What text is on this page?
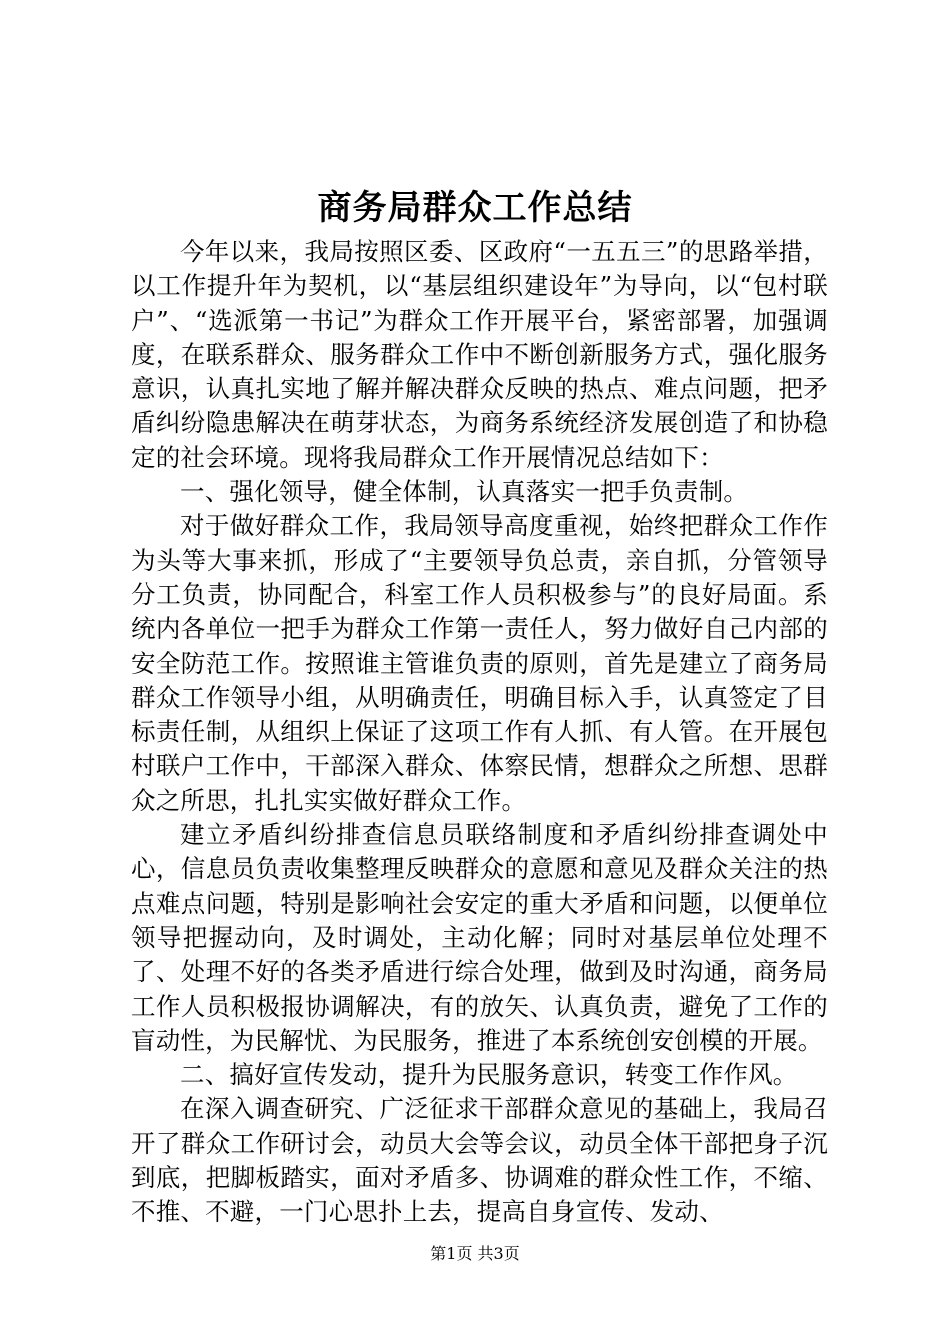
商务局群众工作总结

今年以来，我局按照区委、区政府“一五五三”的思路举措，以工作提升年为契机，以“基层组织建设年”为导向，以“包村联户”、“选派第一书记”为群众工作开展平台，紧密部署，加强调度，在联系群众、服务群众工作中不断创新服务方式，强化服务意识，认真扎实地了解并解决群众反映的热点、难点问题，把矛盾纠纷隐患解决在萌芽状态，为商务系统经济发展创造了和协稳定的社会环境。现将我局群众工作开展情况总结如下：

一、强化领导，健全体制，认真落实一把手负责制。

对于做好群众工作，我局领导高度重视，始终把群众工作作为头等大事来抓，形成了“主要领导负总责，亲自抓，分管领导分工负责，协同配合，科室工作人员积极参与”的良好局面。系统内各单位一把手为群众工作第一责任人，努力做好自己内部的安全防范工作。按照谁主管谁负责的原则，首先是建立了商务局群众工作领导小组，从明确责任，明确目标入手，认真签定了目标责任制，从组织上保证了这项工作有人抓、有人管。在开展包村联户工作中，干部深入群众、体察民情，想群众之所想、思群众之所思，扎扎实实做好群众工作。

建立矛盾纠纷排查信息员联络制度和矛盾纠纷排查调处中心，信息员负责收集整理反映群众的意愿和意见及群众关注的热点难点问题，特别是影响社会安定的重大矛盾和问题，以便单位领导把握动向，及时调处，主动化解；同时对基层单位处理不了、处理不好的各类矛盾进行综合处理，做到及时沟通，商务局工作人员积极报协调解决，有的放矢、认真负责，避免了工作的盲动性，为民解忧、为民服务，推进了本系统创安创模的开展。

二、搞好宣传发动，提升为民服务意识，转变工作作风。

在深入调查研究、广泛征求干部群众意见的基础上，我局召开了群众工作研讨会，动员大会等会议，动员全体干部把身子沉到底，把脚板踏实，面对矛盾多、协调难的群众性工作，不缩、不推、不避，一门心思扑上去，提高自身宣传、发动、

第1页 共3页
